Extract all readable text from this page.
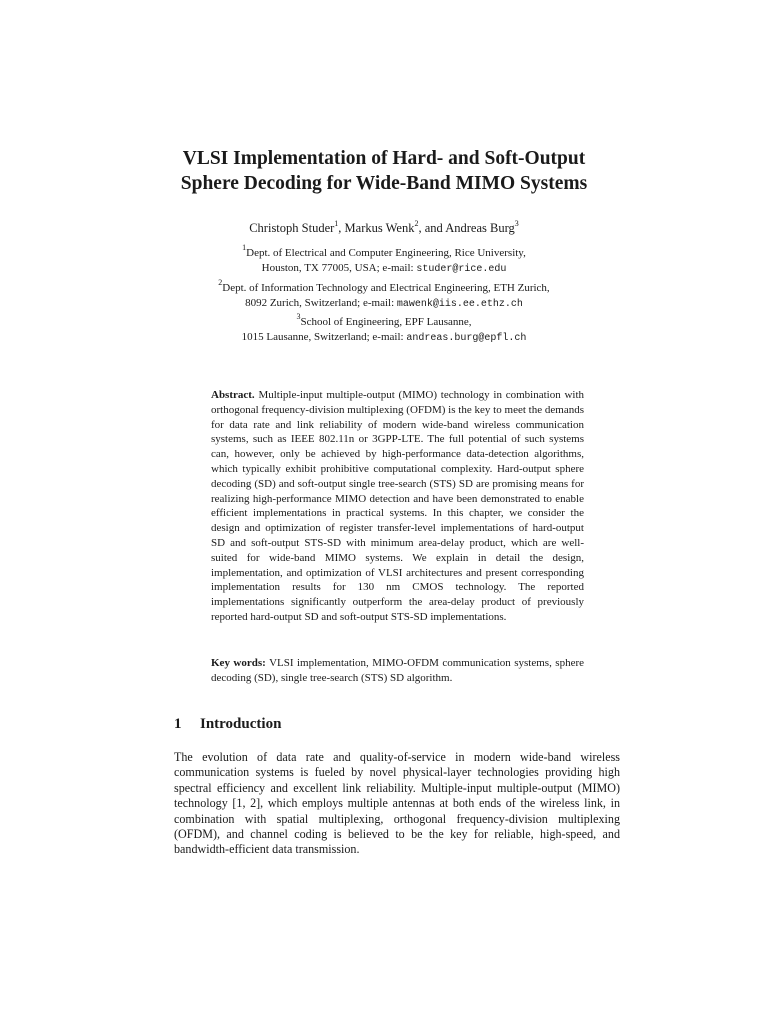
VLSI Implementation of Hard- and Soft-Output
Sphere Decoding for Wide-Band MIMO Systems
Christoph Studer$^1$, Markus Wenk$^2$, and Andreas Burg$^3$
$^1$Dept. of Electrical and Computer Engineering, Rice University,
Houston, TX 77005, USA; e-mail: studer@rice.edu
$^2$Dept. of Information Technology and Electrical Engineering, ETH Zurich,
8092 Zurich, Switzerland; e-mail: mawenk@iis.ee.ethz.ch
$^3$School of Engineering, EPF Lausanne,
1015 Lausanne, Switzerland; e-mail: andreas.burg@epfl.ch
Abstract. Multiple-input multiple-output (MIMO) technology in combination with orthogonal frequency-division multiplexing (OFDM) is the key to meet the demands for data rate and link reliability of modern wide-band wireless communication systems, such as IEEE 802.11n or 3GPP-LTE. The full potential of such systems can, however, only be achieved by high-performance data-detection algorithms, which typically exhibit prohibitive computational complexity. Hard-output sphere decoding (SD) and soft-output single tree-search (STS) SD are promising means for realizing high-performance MIMO detection and have been demonstrated to enable efficient implementations in practical systems. In this chapter, we consider the design and optimization of register transfer-level implementations of hard-output SD and soft-output STS-SD with minimum area-delay product, which are well-suited for wide-band MIMO systems. We explain in detail the design, implementation, and optimization of VLSI architectures and present corresponding implementation results for 130 nm CMOS technology. The reported implementations significantly outperform the area-delay product of previously reported hard-output SD and soft-output STS-SD implementations.
Key words: VLSI implementation, MIMO-OFDM communication systems, sphere decoding (SD), single tree-search (STS) SD algorithm.
1 Introduction
The evolution of data rate and quality-of-service in modern wide-band wireless communication systems is fueled by novel physical-layer technologies providing high spectral efficiency and excellent link reliability. Multiple-input multiple-output (MIMO) technology [1, 2], which employs multiple antennas at both ends of the wireless link, in combination with spatial multiplexing, orthogonal frequency-division multiplexing (OFDM), and channel coding is believed to be the key for reliable, high-speed, and bandwidth-efficient data transmission.
